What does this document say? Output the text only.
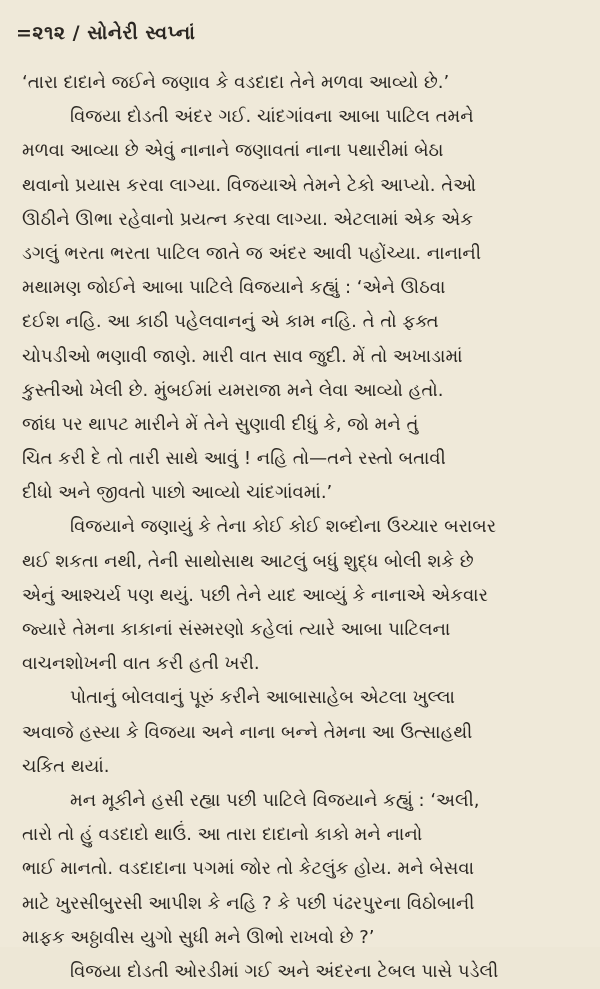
=૨૧૨ / સોનેરી સ્વપ્નાં
‘તારા દાદાને જઈને જણાવ કે વડદાદા તેને મળવા આવ્યો છે.’
વિજયા દોડતી અંદર ગઈ. ચાંદગાંવના આબા પાટિલ તમને
મળવા આવ્યા છે એવું નાનાને જણાવતાં નાના પથારીમાં બેઠા
થવાનો પ્રયાસ કરવા લાગ્યા. વિજયાએ તેમને ટેકો આપ્યો. તેઓ
ઊઠીને ઊભા રહેવાનો પ્રયત્ન કરવા લાગ્યા. એટલામાં એક એક
ડગલું ભરતા ભરતા પાટિલ જાતે જ અંદર આવી પહોંચ્યા. નાનાની
મથામણ જોઈને આબા પાટિલે વિજયાને કહ્યું : ‘એને ઊઠવા
દઈશ નહિ. આ કાઠી પહેલવાનનું એ કામ નહિ. તે તો ફક્ત
ચોપડીઓ ભણાવી જાણે. મારી વાત સાવ જુદી. મેં તો અખાડામાં
કુસ્તીઓ ખેલી છે. મુંબઈમાં યમરાજા મને લેવા આવ્યો હતો.
જાંઘ પર થાપટ મારીને મેં તેને સુણાવી દીધું કે, જો મને તું
ચિત કરી દે તો તારી સાથે આવું ! નહિ તો—તને રસ્તો બતાવી
દીધો અને જીવતો પાછો આવ્યો ચાંદગાંવમાં.’
વિજયાને જણાયું કે તેના કોઈ કોઈ શબ્દોના ઉચ્ચાર બરાબર
થઈ શકતા નથી, તેની સાથોસાથ આટલું બધું શુદ્ધ બોલી શકે છે
એનું આશ્ચર્ય પણ થયું. પછી તેને યાદ આવ્યું કે નાનાએ એકવાર
જ્યારે તેમના કાકાનાં સંસ્મરણો કહેલાં ત્યારે આબા પાટિલના
વાચનશોખની વાત કરી હતી ખરી.
પોતાનું બોલવાનું પૂરું કરીને આબાસાહેબ એટલા ખુલ્લા
અવાજે હસ્યા કે વિજયા અને નાના બન્ને તેમના આ ઉત્સાહથી
ચકિત થયાં.
મન મૂકીને હસી રહ્યા પછી પાટિલે વિજયાને કહ્યું : ‘અલી,
તારો તો હું વડદાદો થાઉં. આ તારા દાદાનો કાકો મને નાનો
ભાઈ માનતો. વડદાદાના પગમાં જોર તો કેટલુંક હોય. મને બેસવા
માટે ખુરસીબુરસી આપીશ કે નહિ ? કે પછી પંઢરપુરના વિઠોબાની
માફક અઠ્ઠાવીસ યુગો સુધી મને ઊભો રાખવો છે ?’
વિજયા દોડતી ઓરડીમાં ગઈ અને અંદરના ટેબલ પાસે પડેલી
